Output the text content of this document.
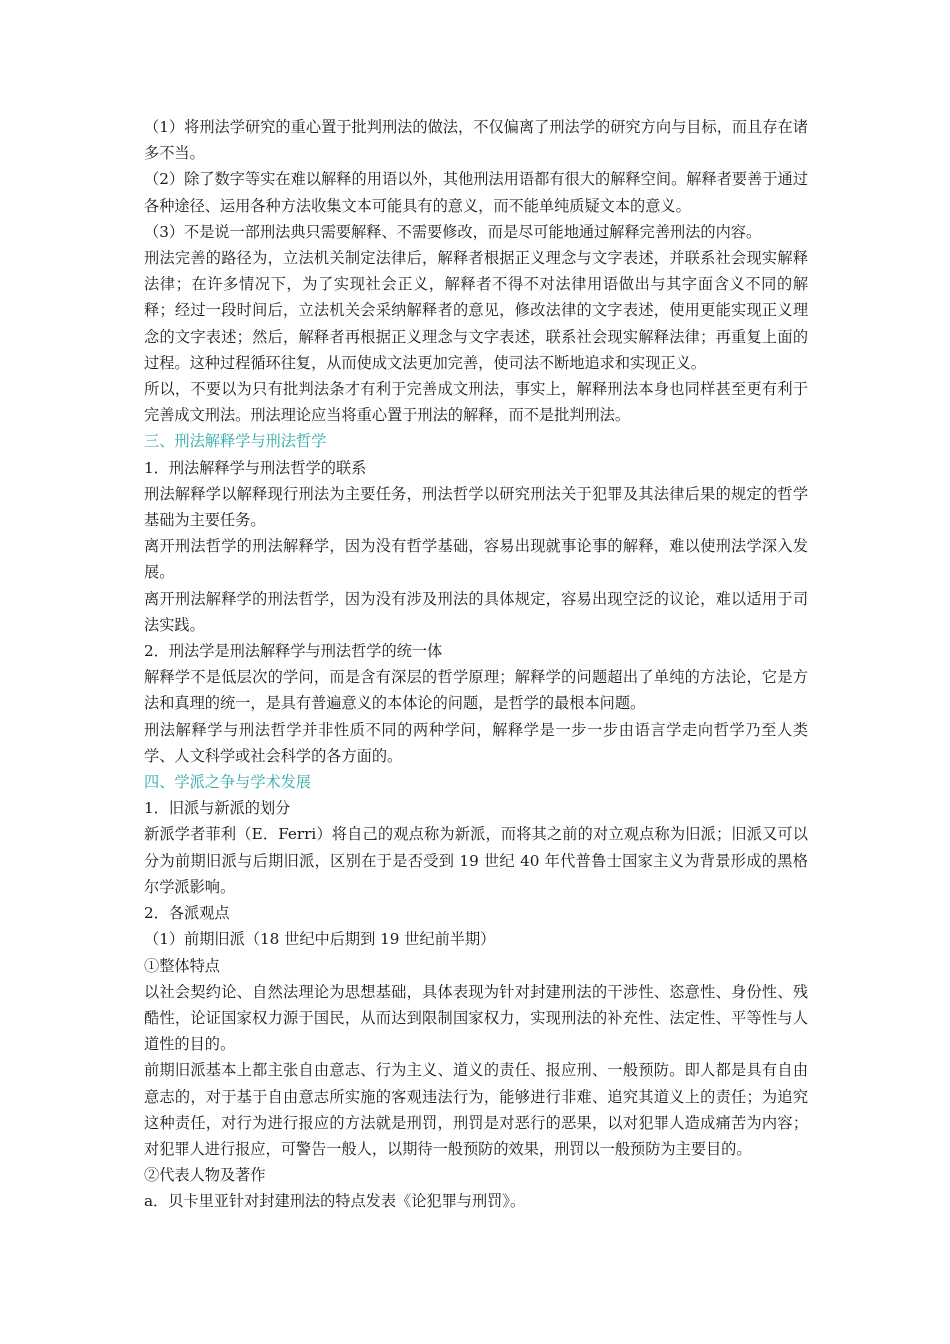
（1）将刑法学研究的重心置于批判刑法的做法，不仅偏离了刑法学的研究方向与目标，而且存在诸多不当。

（2）除了数字等实在难以解释的用语以外，其他刑法用语都有很大的解释空间。解释者要善于通过各种途径、运用各种方法收集文本可能具有的意义，而不能单纯质疑文本的意义。

（3）不是说一部刑法典只需要解释、不需要修改，而是尽可能地通过解释完善刑法的内容。

刑法完善的路径为，立法机关制定法律后，解释者根据正义理念与文字表述，并联系社会现实解释法律；在许多情况下，为了实现社会正义，解释者不得不对法律用语做出与其字面含义不同的解释；经过一段时间后，立法机关会采纳解释者的意见，修改法律的文字表述，使用更能实现正义理念的文字表述；然后，解释者再根据正义理念与文字表述，联系社会现实解释法律；再重复上面的过程。这种过程循环往复，从而使成文法更加完善，使司法不断地追求和实现正义。

所以，不要以为只有批判法条才有利于完善成文刑法，事实上，解释刑法本身也同样甚至更有利于完善成文刑法。刑法理论应当将重心置于刑法的解释，而不是批判刑法。

三、刑法解释学与刑法哲学

1．刑法解释学与刑法哲学的联系

刑法解释学以解释现行刑法为主要任务，刑法哲学以研究刑法关于犯罪及其法律后果的规定的哲学基础为主要任务。

离开刑法哲学的刑法解释学，因为没有哲学基础，容易出现就事论事的解释，难以使刑法学深入发展。

离开刑法解释学的刑法哲学，因为没有涉及刑法的具体规定，容易出现空泛的议论，难以适用于司法实践。

2．刑法学是刑法解释学与刑法哲学的统一体

解释学不是低层次的学问，而是含有深层的哲学原理；解释学的问题超出了单纯的方法论，它是方法和真理的统一，是具有普遍意义的本体论的问题，是哲学的最根本问题。

刑法解释学与刑法哲学并非性质不同的两种学问，解释学是一步一步由语言学走向哲学乃至人类学、人文科学或社会科学的各方面的。

四、学派之争与学术发展

1．旧派与新派的划分

新派学者菲利（E．Ferri）将自己的观点称为新派，而将其之前的对立观点称为旧派；旧派又可以分为前期旧派与后期旧派，区别在于是否受到 19 世纪 40 年代普鲁士国家主义为背景形成的黑格尔学派影响。

2．各派观点

（1）前期旧派（18 世纪中后期到 19 世纪前半期）

①整体特点

以社会契约论、自然法理论为思想基础，具体表现为针对封建刑法的干涉性、恣意性、身份性、残酷性，论证国家权力源于国民，从而达到限制国家权力，实现刑法的补充性、法定性、平等性与人道性的目的。

前期旧派基本上都主张自由意志、行为主义、道义的责任、报应刑、一般预防。即人都是具有自由意志的，对于基于自由意志所实施的客观违法行为，能够进行非难、追究其道义上的责任；为追究这种责任，对行为进行报应的方法就是刑罚，刑罚是对恶行的恶果，以对犯罪人造成痛苦为内容；对犯罪人进行报应，可警告一般人，以期待一般预防的效果，刑罚以一般预防为主要目的。

②代表人物及著作

a．贝卡里亚针对封建刑法的特点发表《论犯罪与刑罚》。
